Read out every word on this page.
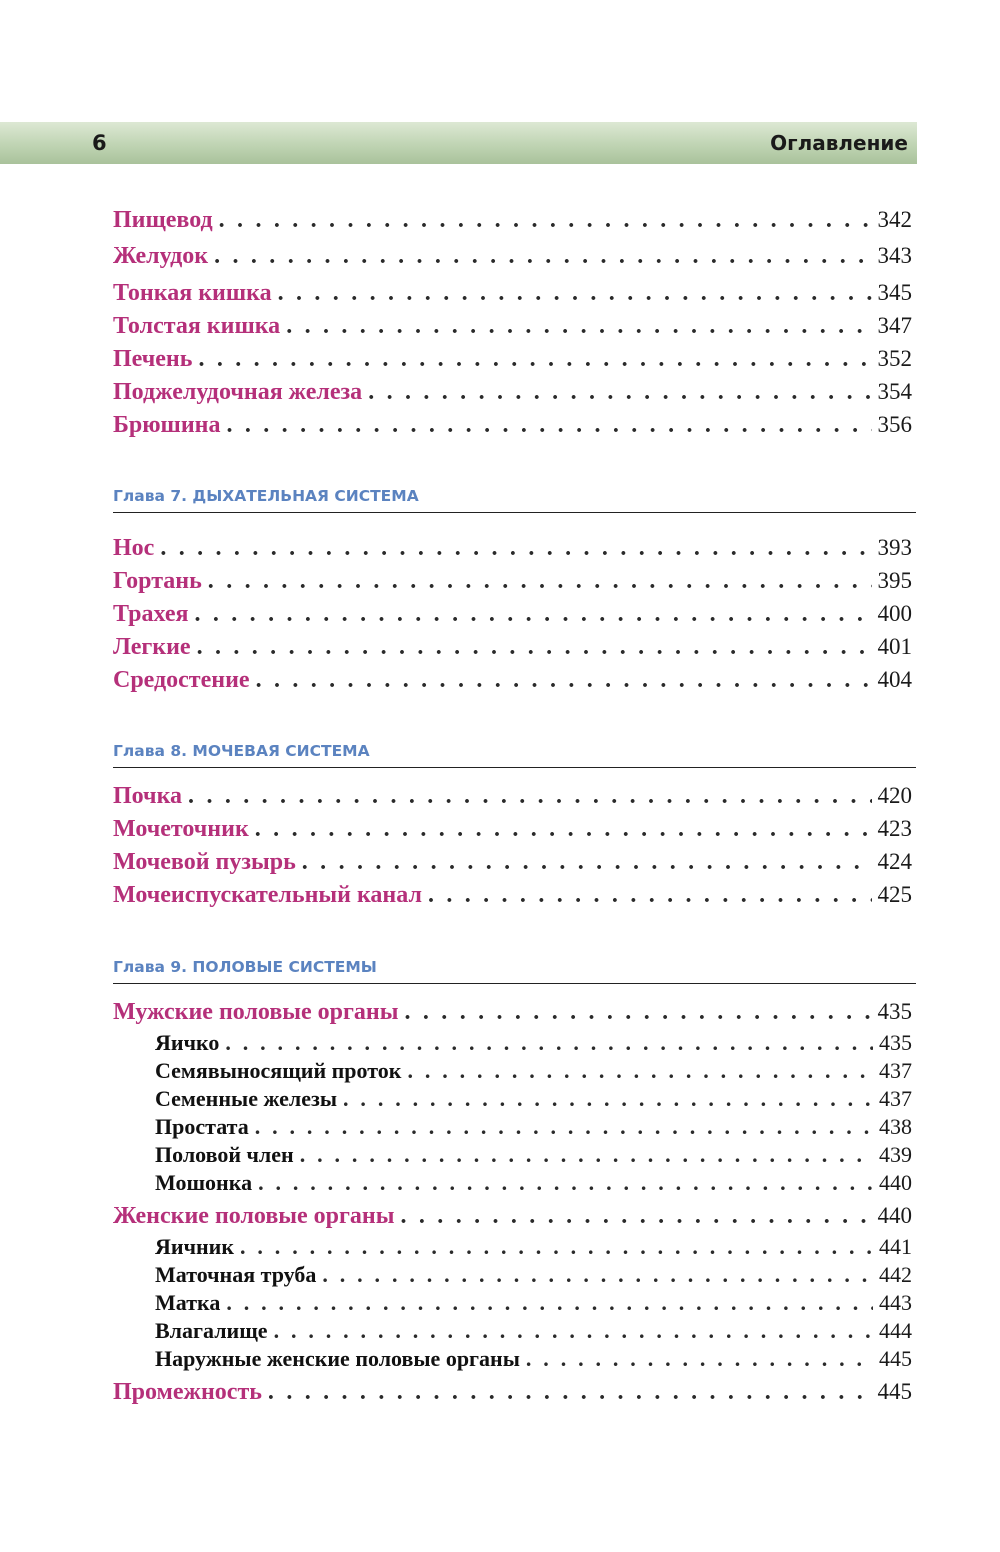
6	Оглавление
Пищевод . . .	342
Желудок . . .	343
Тонкая кишка . . .	345
Толстая кишка . . .	347
Печень . . .	352
Поджелудочная железа . . .	354
Брюшина . . .	356
Глава 7. ДЫХАТЕЛЬНАЯ СИСТЕМА
Нос . . .	393
Гортань . . .	395
Трахея . . .	400
Легкие . . .	401
Средостение . . .	404
Глава 8. МОЧЕВАЯ СИСТЕМА
Почка . . .	420
Мочеточник . . .	423
Мочевой пузырь . . .	424
Мочеиспускательный канал . . .	425
Глава 9. ПОЛОВЫЕ СИСТЕМЫ
Мужские половые органы . . .	435
Яичко . . .	435
Семявыносящий проток . . .	437
Семенные железы . . .	437
Простата . . .	438
Половой член . . .	439
Мошонка . . .	440
Женские половые органы . . .	440
Яичник . . .	441
Маточная труба . . .	442
Матка . . .	443
Влагалище . . .	444
Наружные женские половые органы . . .	445
Промежность . . .	445
